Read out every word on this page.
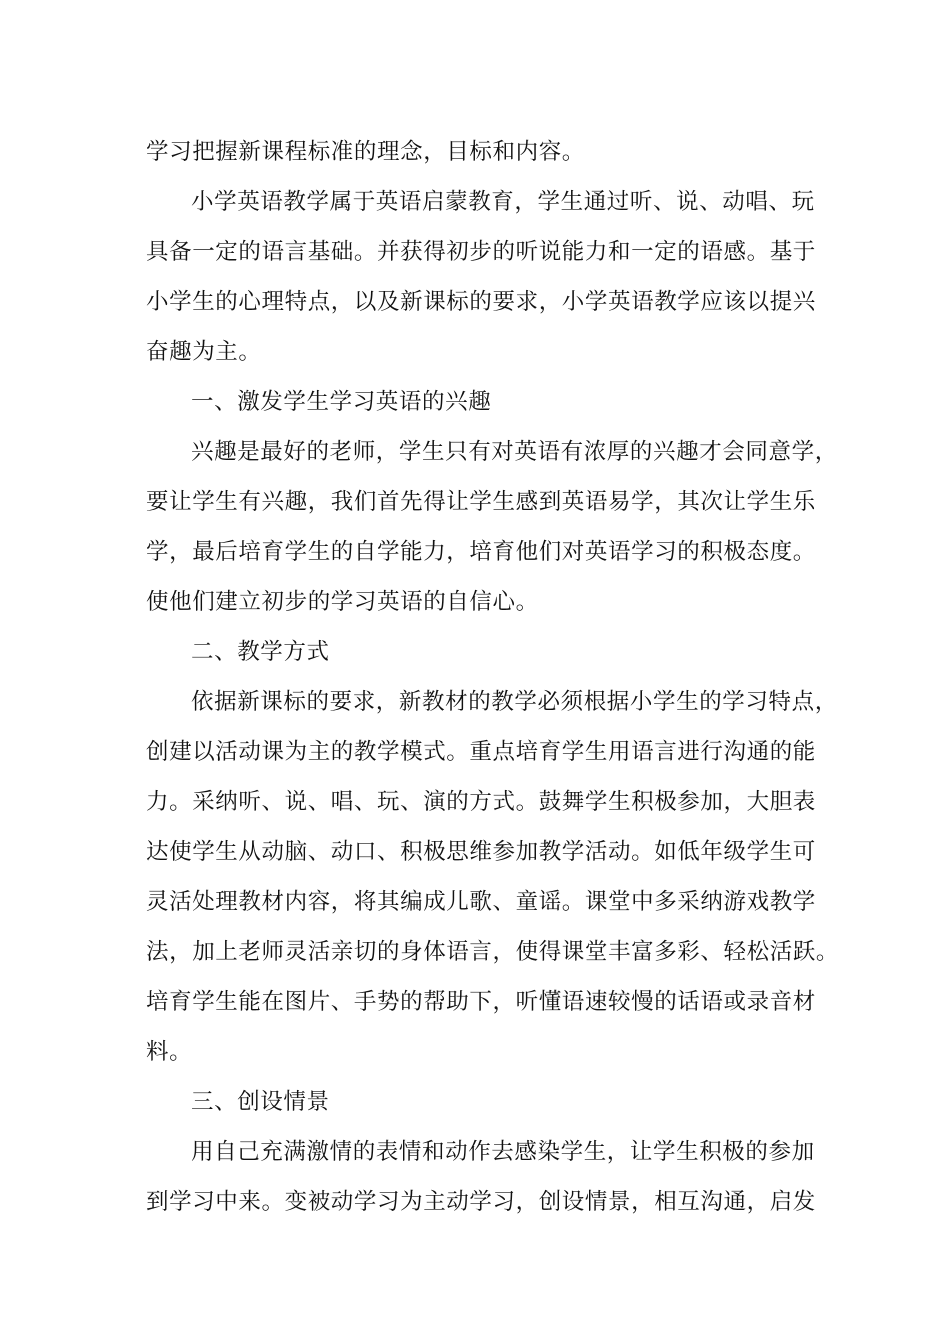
学习把握新课程标准的理念，目标和内容。
小学英语教学属于英语启蒙教育，学生通过听、说、动唱、玩
具备一定的语言基础。并获得初步的听说能力和一定的语感。基于
小学生的心理特点，以及新课标的要求，小学英语教学应该以提兴
奋趣为主。
一、激发学生学习英语的兴趣
兴趣是最好的老师，学生只有对英语有浓厚的兴趣才会同意学，
要让学生有兴趣，我们首先得让学生感到英语易学，其次让学生乐
学，最后培育学生的自学能力，培育他们对英语学习的积极态度。
使他们建立初步的学习英语的自信心。
二、教学方式
依据新课标的要求，新教材的教学必须根据小学生的学习特点，
创建以活动课为主的教学模式。重点培育学生用语言进行沟通的能
力。采纳听、说、唱、玩、演的方式。鼓舞学生积极参加，大胆表
达使学生从动脑、动口、积极思维参加教学活动。如低年级学生可
灵活处理教材内容，将其编成儿歌、童谣。课堂中多采纳游戏教学
法，加上老师灵活亲切的身体语言，使得课堂丰富多彩、轻松活跃。
培育学生能在图片、手势的帮助下，听懂语速较慢的话语或录音材
料。
三、创设情景
用自己充满激情的表情和动作去感染学生，让学生积极的参加
到学习中来。变被动学习为主动学习，创设情景，相互沟通，启发
